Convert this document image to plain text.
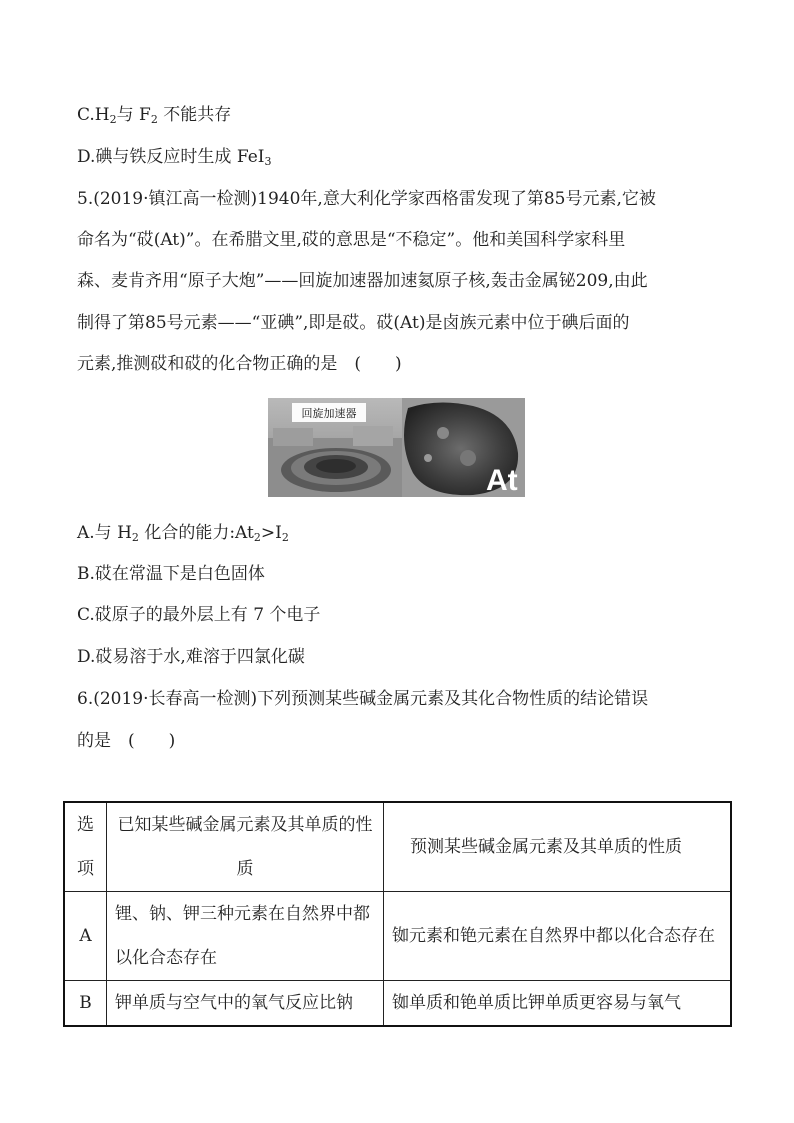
$C.H_2$与 $F_2$ 不能共存
D.碘与铁反应时生成 FeI$_3$
5.(2019·镇江高一检测)1940年,意大利化学家西格雷发现了第85号元素,它被
命名为“砹(At)”。在希腊文里,砹的意思是“不稳定”。他和美国科学家科里
森、麦肯齐用“原子大炮”——回旋加速器加速氦原子核,轰击金属铋209,由此
制得了第85号元素——“亚碘”,即是砹。砹(At)是卤族元素中位于碘后面的
元素,推测砹和砹的化合物正确的是　(　　)
At
回旋加速器
A.与 $H_2$ 化合的能力$:At_2>I_2$
B.砹在常温下是白色固体
C.砹原子的最外层上有 7 个电子
D.砹易溶于水,难溶于四氯化碳
6.(2019·长春高一检测)下列预测某些碱金属元素及其化合物性质的结论错误
的是　(　　)
选项	已知某些碱金属元素及其单质的性质	预测某些碱金属元素及其单质的性质
A	锂、钠、钾三种元素在自然界中都以化合态存在	铷元素和铯元素在自然界中都以化合态存在
B	钾单质与空气中的氧气反应比钠	铷单质和铯单质比钾单质更容易与氧气
